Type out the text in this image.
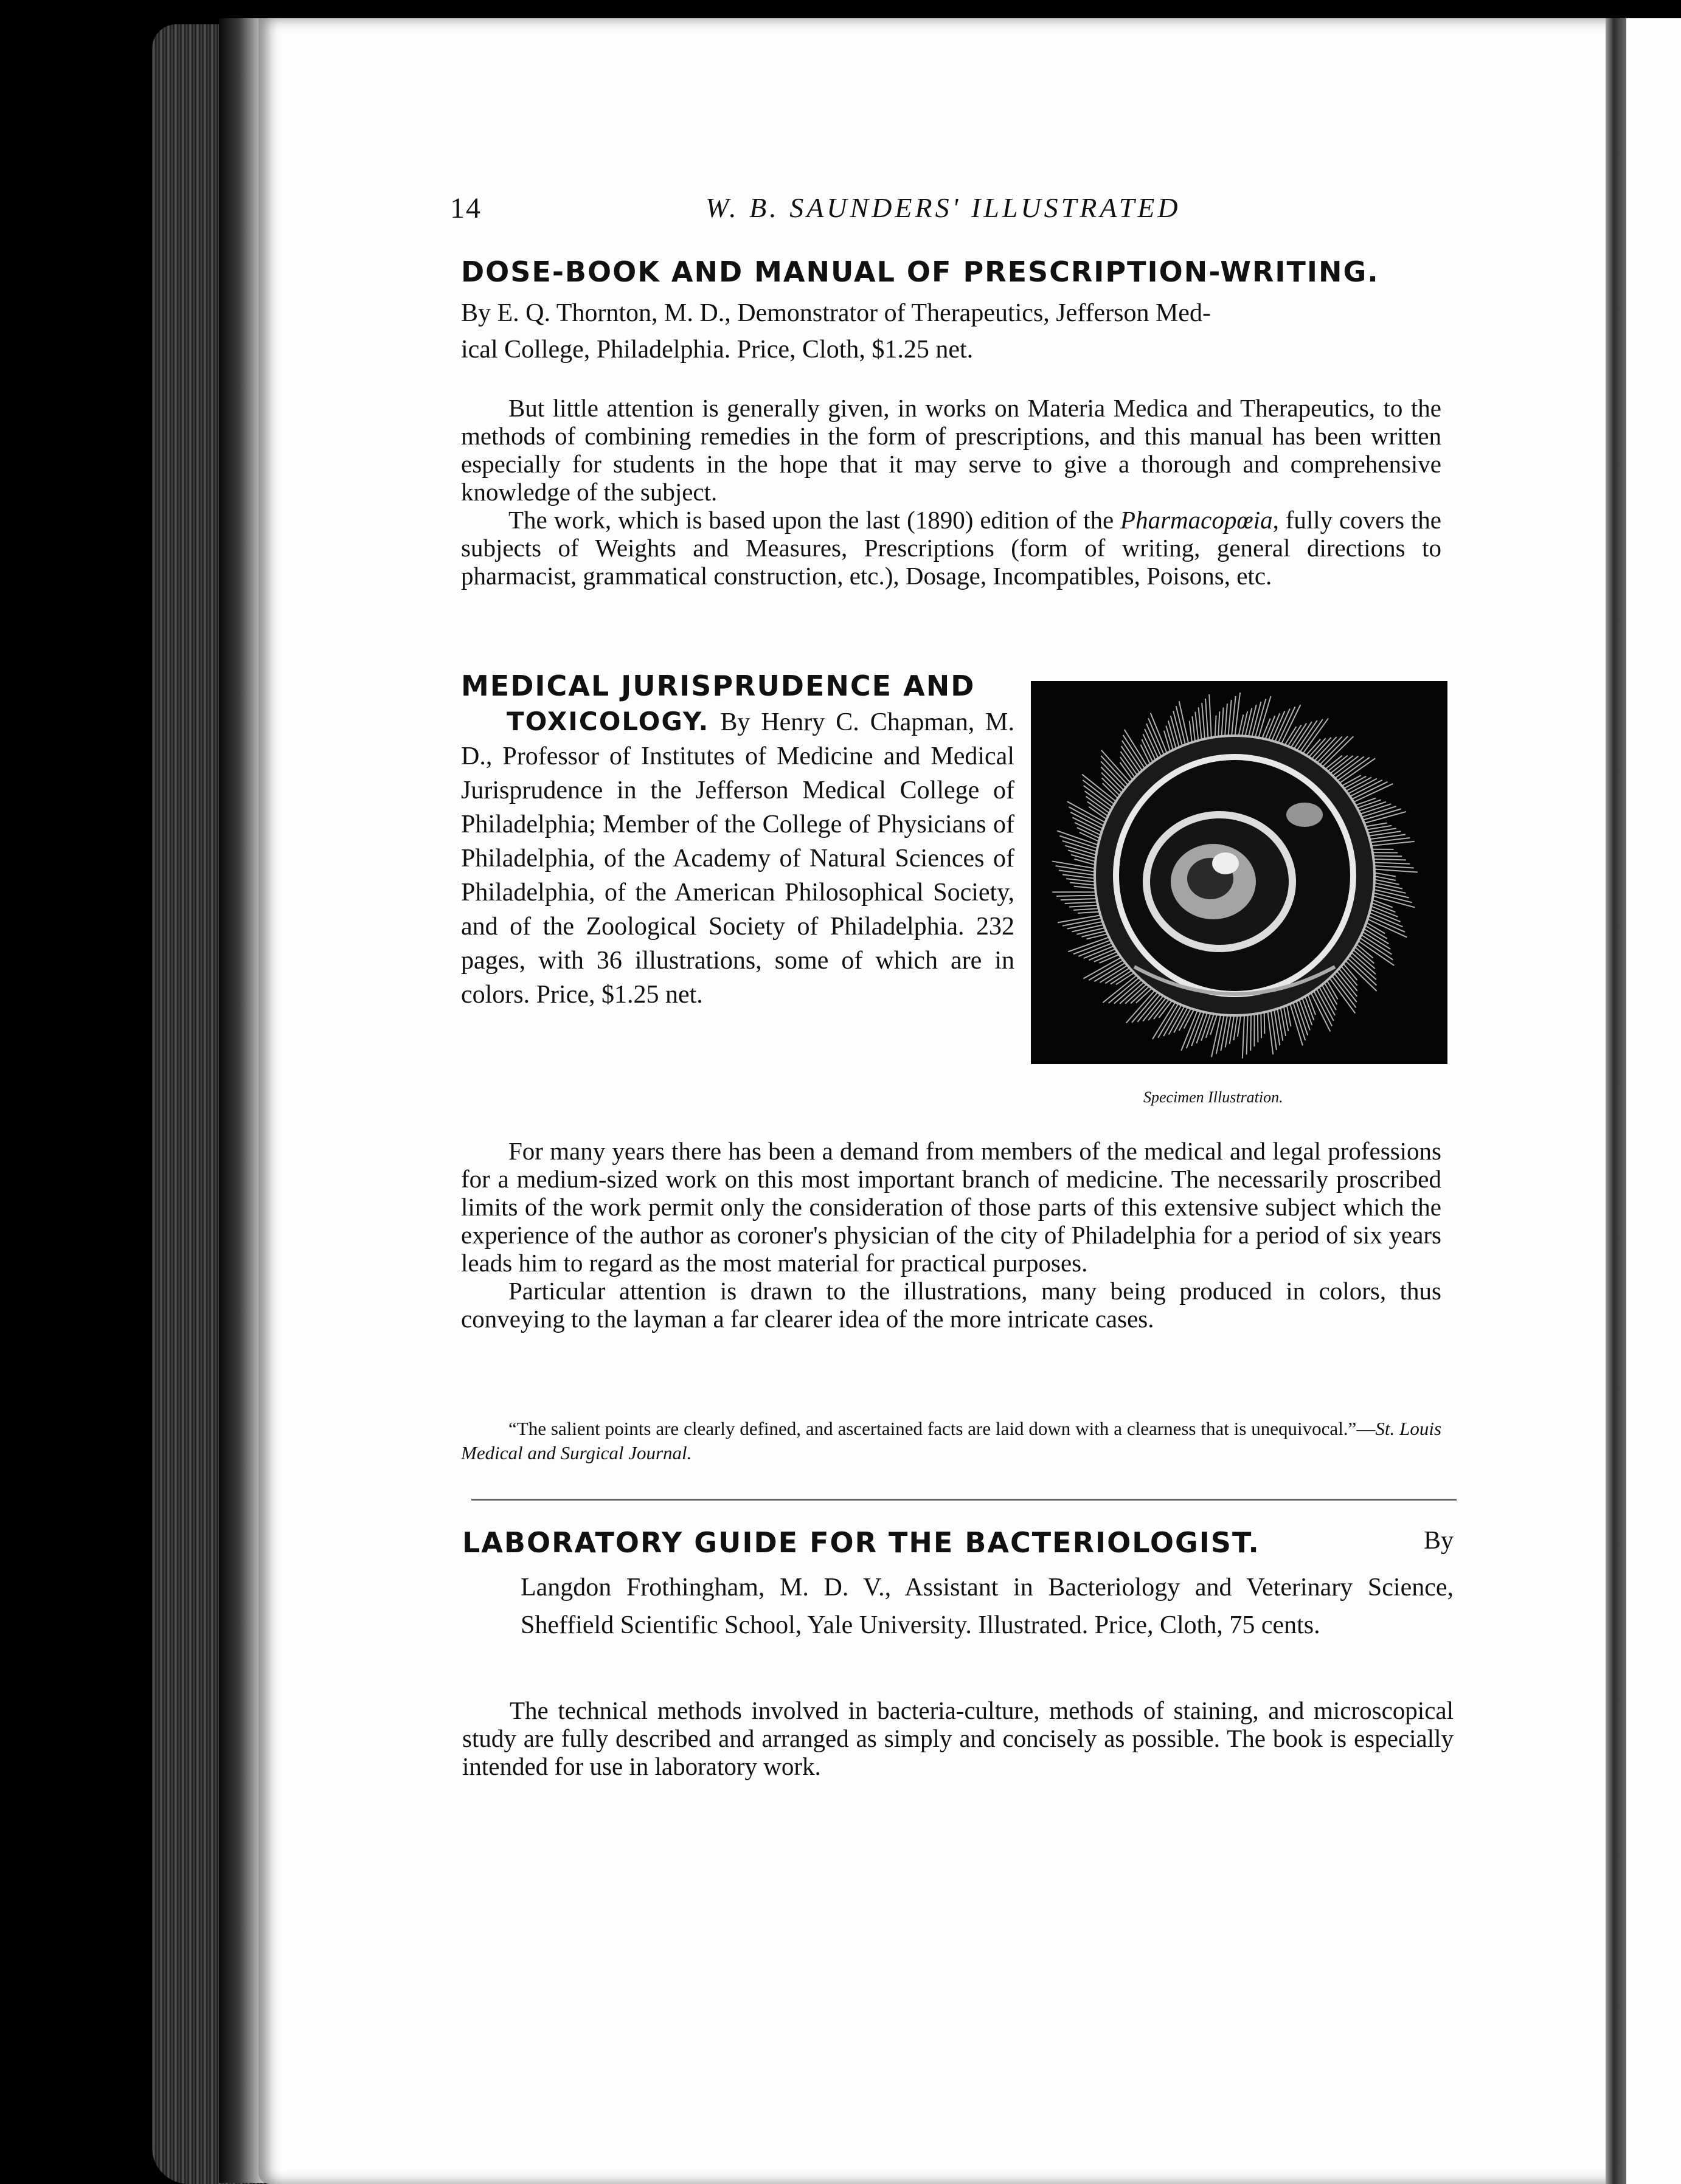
14	W. B. SAUNDERS' ILLUSTRATED
DOSE-BOOK AND MANUAL OF PRESCRIPTION-WRITING.
By E. Q. Thornton, M. D., Demonstrator of Therapeutics, Jefferson Med-
ical College, Philadelphia. Price, Cloth, $1.25 net.

But little attention is generally given, in works on Materia Medica and Therapeutics, to the methods of combining remedies in the form of prescriptions, and this manual has been written especially for students in the hope that it may serve to give a thorough and comprehensive knowledge of the subject.

The work, which is based upon the last (1890) edition of the Pharmacopœia, fully covers the subjects of Weights and Measures, Prescriptions (form of writing, general directions to pharmacist, grammatical construction, etc.), Dosage, Incompatibles, Poisons, etc.

MEDICAL JURISPRUDENCE AND
TOXICOLOGY. By Henry C. Chapman, M. D., Professor of Institutes of Medicine and Medical Jurisprudence in the Jefferson Medical College of Philadelphia; Member of the College of Physicians of Philadelphia, of the Academy of Natural Sciences of Philadelphia, of the American Philosophical Society, and of the Zoological Society of Philadelphia. 232 pages, with 36 illustrations, some of which are in colors. Price, $1.25 net.
Specimen Illustration.

For many years there has been a demand from members of the medical and legal professions for a medium-sized work on this most important branch of medicine. The necessarily proscribed limits of the work permit only the consideration of those parts of this extensive subject which the experience of the author as coroner's physician of the city of Philadelphia for a period of six years leads him to regard as the most material for practical purposes.

Particular attention is drawn to the illustrations, many being produced in colors, thus conveying to the layman a far clearer idea of the more intricate cases.

“The salient points are clearly defined, and ascertained facts are laid down with a clearness that is unequivocal.”—St. Louis Medical and Surgical Journal.
LABORATORY GUIDE FOR THE BACTERIOLOGIST.	By
Langdon Frothingham, M. D. V., Assistant in Bacteriology and Veterinary Science, Sheffield Scientific School, Yale University. Illustrated. Price, Cloth, 75 cents.

The technical methods involved in bacteria-culture, methods of staining, and microscopical study are fully described and arranged as simply and concisely as possible. The book is especially intended for use in laboratory work.
